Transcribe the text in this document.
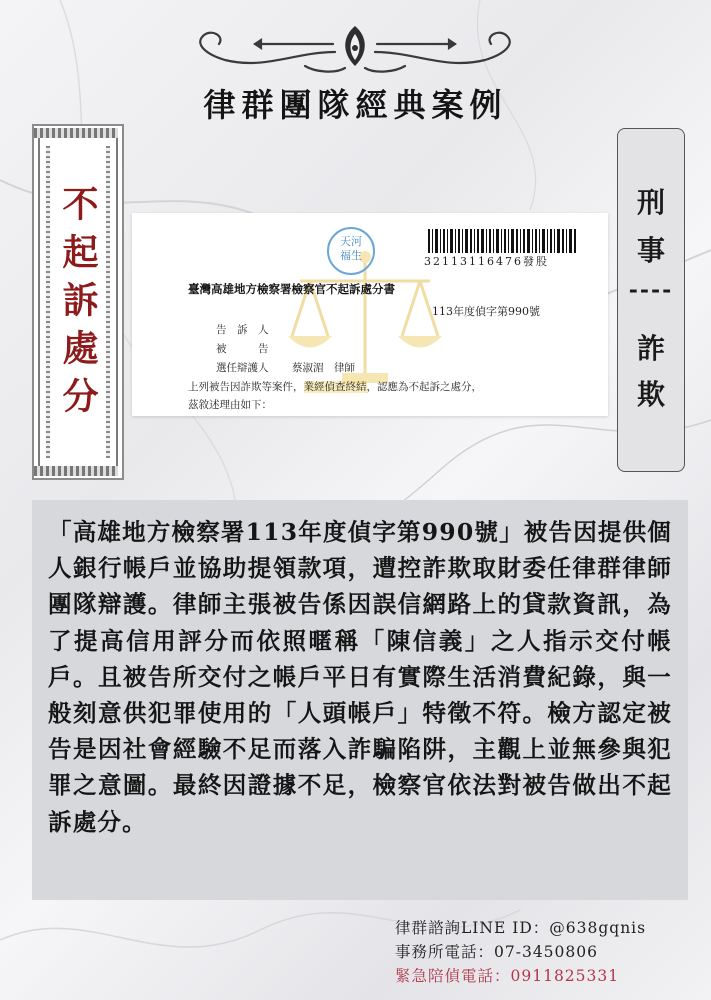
律群團隊經典案例
不起訴處分	刑
事
----
詐
欺
天河
福生	32113116476發股
臺灣高雄地方檢察署檢察官不起訴處分書
113年度偵字第990號
告　訴　人
被　　　告
選任辯護人 蔡淑湄　律師
上列被告因詐欺等案件，業經偵查終結，認應為不起訴之處分，
茲敘述理由如下：
「高雄地方檢察署113年度偵字第990號」被告因提供個人銀行帳戶並協助提領款項，遭控詐欺取財委任律群律師團隊辯護。律師主張被告係因誤信網路上的貸款資訊，為了提高信用評分而依照暱稱「陳信義」之人指示交付帳戶。且被告所交付之帳戶平日有實際生活消費紀錄，與一般刻意供犯罪使用的「人頭帳戶」特徵不符。檢方認定被告是因社會經驗不足而落入詐騙陷阱，主觀上並無參與犯罪之意圖。最終因證據不足，檢察官依法對被告做出不起訴處分。
律群諮詢LINE ID：@638gqnis
事務所電話：07-3450806
緊急陪偵電話：0911825331
